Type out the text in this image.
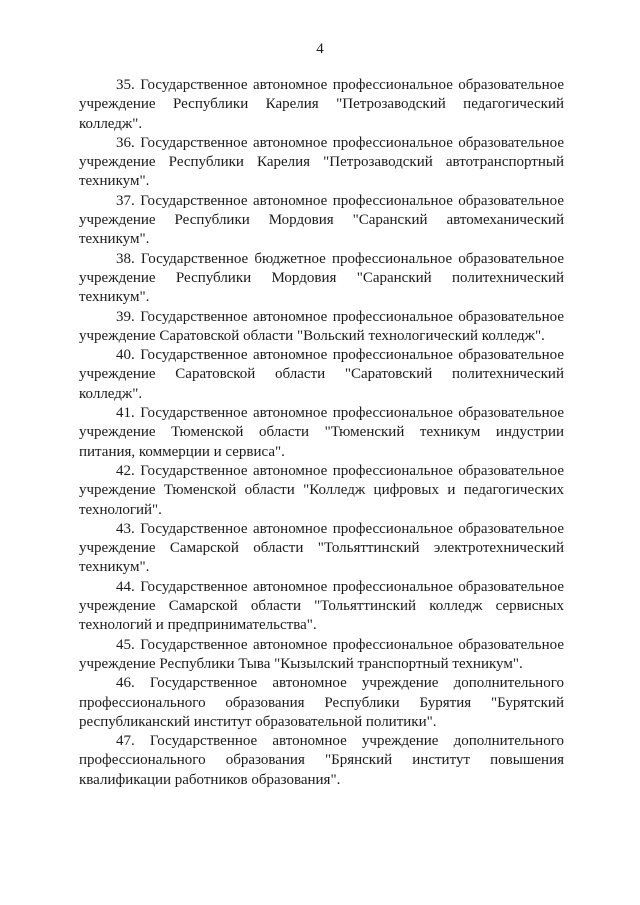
4

35. Государственное автономное профессиональное образовательное учреждение Республики Карелия "Петрозаводский педагогический колледж".

36. Государственное автономное профессиональное образовательное учреждение Республики Карелия "Петрозаводский автотранспортный техникум".

37. Государственное автономное профессиональное образовательное учреждение Республики Мордовия "Саранский автомеханический техникум".

38. Государственное бюджетное профессиональное образовательное учреждение Республики Мордовия "Саранский политехнический техникум".

39. Государственное автономное профессиональное образовательное учреждение Саратовской области "Вольский технологический колледж".

40. Государственное автономное профессиональное образовательное учреждение Саратовской области "Саратовский политехнический колледж".

41. Государственное автономное профессиональное образовательное учреждение Тюменской области "Тюменский техникум индустрии питания, коммерции и сервиса".

42. Государственное автономное профессиональное образовательное учреждение Тюменской области "Колледж цифровых и педагогических технологий".

43. Государственное автономное профессиональное образовательное учреждение Самарской области "Тольяттинский электротехнический техникум".

44. Государственное автономное профессиональное образовательное учреждение Самарской области "Тольяттинский колледж сервисных технологий и предпринимательства".

45. Государственное автономное профессиональное образовательное учреждение Республики Тыва "Кызылский транспортный техникум".

46. Государственное автономное учреждение дополнительного профессионального образования Республики Бурятия "Бурятский республиканский институт образовательной политики".

47. Государственное автономное учреждение дополнительного профессионального образования "Брянский институт повышения квалификации работников образования".
